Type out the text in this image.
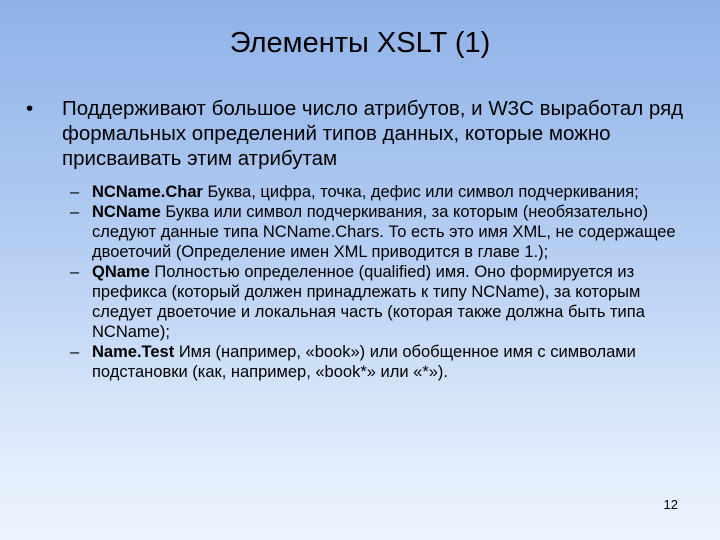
Элементы XSLT (1)
•	Поддерживают большое число атрибутов, и W3C выработал ряд формальных определений типов данных, которые можно присваивать этим атрибутам
– NCName.Char Буква, цифра, точка, дефис или символ подчеркивания;
– NCName Буква или символ подчеркивания, за которым (необязательно) следуют данные типа NCName.Chars. То есть это имя XML, не содержащее двоеточий (Определение имен XML приводится в главе 1.);
– QName Полностью определенное (qualified) имя. Оно формируется из префикса (который должен принадлежать к типу NCName), за которым следует двоеточие и локальная часть (которая также должна быть типа NCName);
– Name.Test Имя (например, «book») или обобщенное имя с символами подстановки (как, например, «book*» или «*»).
12
